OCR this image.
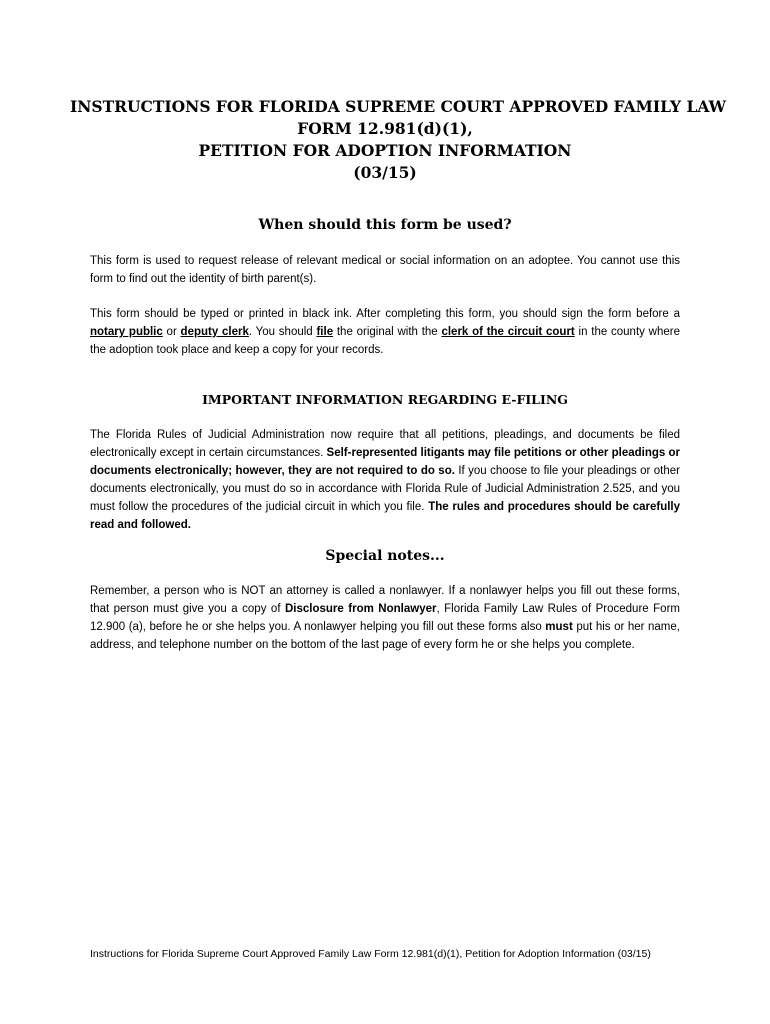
INSTRUCTIONS FOR FLORIDA SUPREME COURT APPROVED FAMILY LAW
FORM 12.981(d)(1),
PETITION FOR ADOPTION INFORMATION
(03/15)
When should this form be used?
This form is used to request release of relevant medical or social information on an adoptee. You cannot use this form to find out the identity of birth parent(s).
This form should be typed or printed in black ink. After completing this form, you should sign the form before a notary public or deputy clerk. You should file the original with the clerk of the circuit court in the county where the adoption took place and keep a copy for your records.
IMPORTANT INFORMATION REGARDING E-FILING
The Florida Rules of Judicial Administration now require that all petitions, pleadings, and documents be filed electronically except in certain circumstances. Self-represented litigants may file petitions or other pleadings or documents electronically; however, they are not required to do so. If you choose to file your pleadings or other documents electronically, you must do so in accordance with Florida Rule of Judicial Administration 2.525, and you must follow the procedures of the judicial circuit in which you file. The rules and procedures should be carefully read and followed.
Special notes...
Remember, a person who is NOT an attorney is called a nonlawyer. If a nonlawyer helps you fill out these forms, that person must give you a copy of Disclosure from Nonlawyer, Florida Family Law Rules of Procedure Form 12.900 (a), before he or she helps you. A nonlawyer helping you fill out these forms also must put his or her name, address, and telephone number on the bottom of the last page of every form he or she helps you complete.
Instructions for Florida Supreme Court Approved Family Law Form 12.981(d)(1), Petition for Adoption Information (03/15)
